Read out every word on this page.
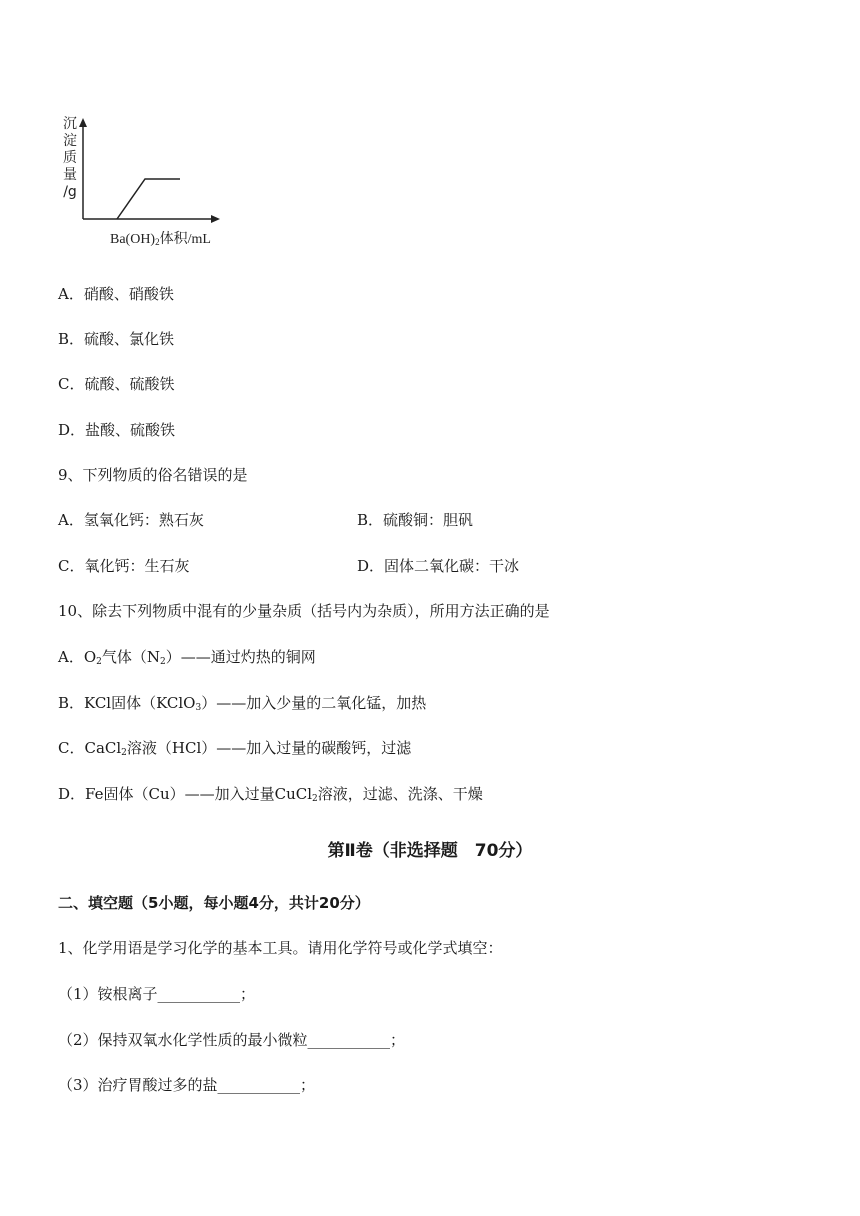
沉
淀
质
量
/g
$Ba(OH)_2$体积/mL
A．硝酸、硝酸铁
B．硫酸、氯化铁
C．硫酸、硫酸铁
D．盐酸、硫酸铁
9、下列物质的俗名错误的是
A．氢氧化钙：熟石灰	B．硫酸铜：胆矾
C．氧化钙：生石灰	D．固体二氧化碳：干冰
10、除去下列物质中混有的少量杂质（括号内为杂质），所用方法正确的是
A．$O_2$气体$(N_2)——$通过灼热的铜网
B．KCl固体（KClO$_3$）——加入少量的二氧化锰，加热
C．CaCl$_2$溶液（HCl）——加入过量的碳酸钙，过滤
D．Fe固体（Cu）——加入过量CuCl$_2$溶液，过滤、洗涤、干燥
第Ⅱ卷（非选择题　70分）
二、填空题（5小题，每小题4分，共计20分）
1、化学用语是学习化学的基本工具。请用化学符号或化学式填空：
（1）铵根离子___________；
（2）保持双氧水化学性质的最小微粒___________；
（3）治疗胃酸过多的盐___________；
